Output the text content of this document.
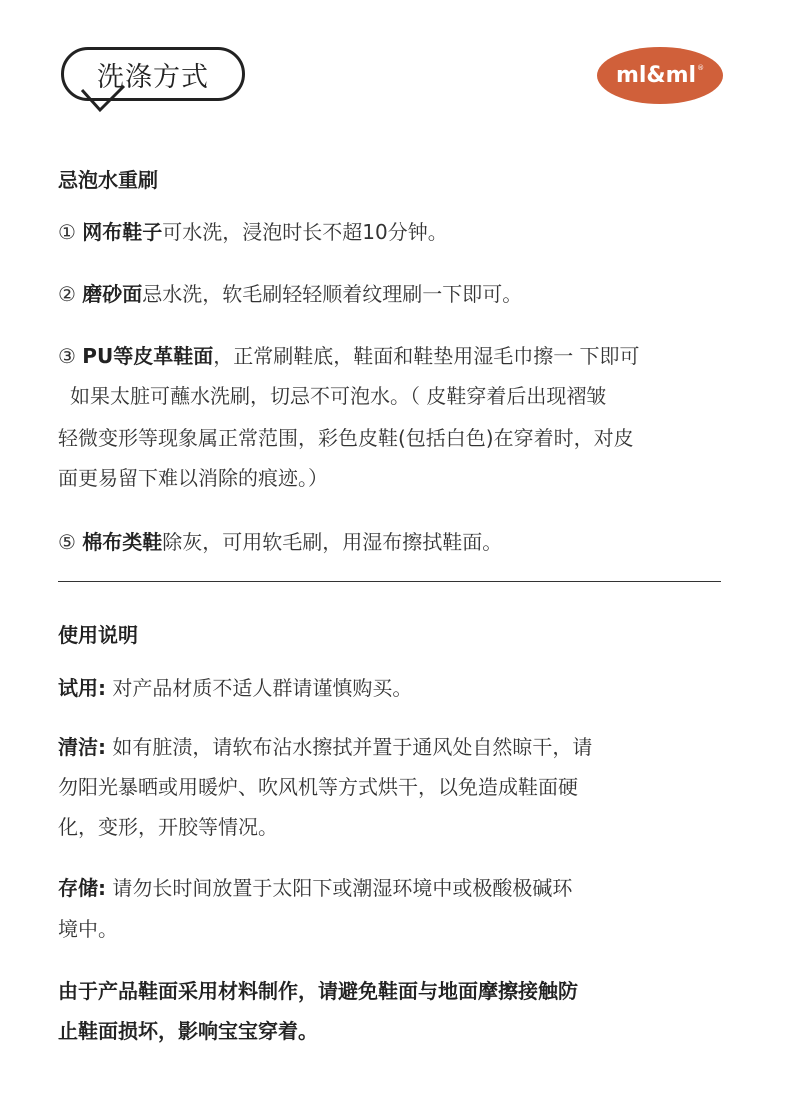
洗涤方式	ml&ml®
忌泡水重刷
① 网布鞋子可水洗，浸泡时长不超10分钟。
② 磨砂面忌水洗，软毛刷轻轻顺着纹理刷一下即可。
③ PU等皮革鞋面，正常刷鞋底，鞋面和鞋垫用湿毛巾擦一 下即可
如果太脏可蘸水洗刷，切忌不可泡水。（ 皮鞋穿着后出现褶皱
轻微变形等现象属正常范围，彩色皮鞋(包括白色)在穿着时，对皮
面更易留下难以消除的痕迹。）
⑤ 棉布类鞋除灰，可用软毛刷，用湿布擦拭鞋面。
使用说明
试用: 对产品材质不适人群请谨慎购买。
清洁: 如有脏渍，请软布沾水擦拭并置于通风处自然晾干，请
勿阳光暴晒或用暖炉、吹风机等方式烘干，以免造成鞋面硬
化，变形，开胶等情况。
存储: 请勿长时间放置于太阳下或潮湿环境中或极酸极碱环
境中。
由于产品鞋面采用材料制作，请避免鞋面与地面摩擦接触防
止鞋面损坏，影响宝宝穿着。
